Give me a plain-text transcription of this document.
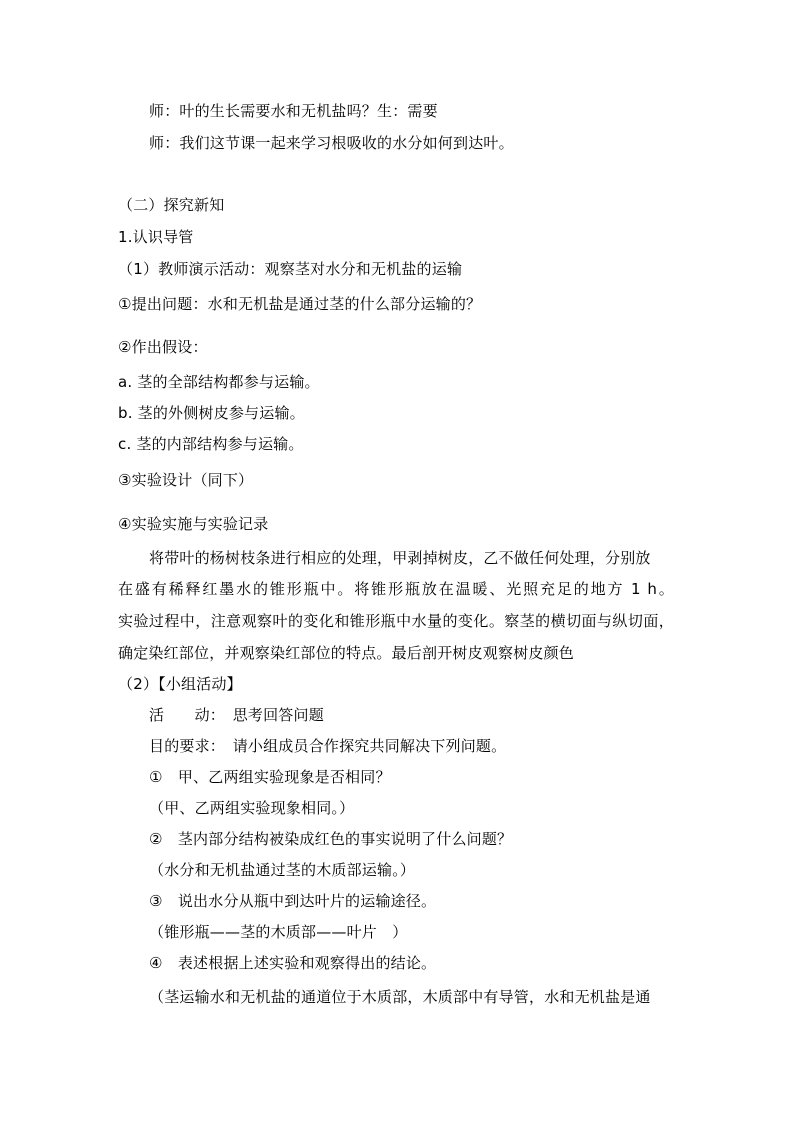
师：叶的生长需要水和无机盐吗？生：需要
师：我们这节课一起来学习根吸收的水分如何到达叶。
（二）探究新知
1.认识导管
（1）教师演示活动：观察茎对水分和无机盐的运输
①提出问题：水和无机盐是通过茎的什么部分运输的？
②作出假设：
a. 茎的全部结构都参与运输。
b. 茎的外侧树皮参与运输。
c. 茎的内部结构参与运输。
③实验设计（同下）
④实验实施与实验记录
将带叶的杨树枝条进行相应的处理，甲剥掉树皮，乙不做任何处理，分别放
在盛有稀释红墨水的锥形瓶中。将锥形瓶放在温暖、光照充足的地方 1 h。
实验过程中，注意观察叶的变化和锥形瓶中水量的变化。察茎的横切面与纵切面，
确定染红部位，并观察染红部位的特点。最后剖开树皮观察树皮颜色
（2）【小组活动】
活　　动：　思考回答问题
目的要求：　请小组成员合作探究共同解决下列问题。
①　甲、乙两组实验现象是否相同？
（甲、乙两组实验现象相同。）
②　茎内部分结构被染成红色的事实说明了什么问题？
（水分和无机盐通过茎的木质部运输。）
③　说出水分从瓶中到达叶片的运输途径。
（锥形瓶——茎的木质部——叶片　）
④　表述根据上述实验和观察得出的结论。
（茎运输水和无机盐的通道位于木质部，木质部中有导管，水和无机盐是通
